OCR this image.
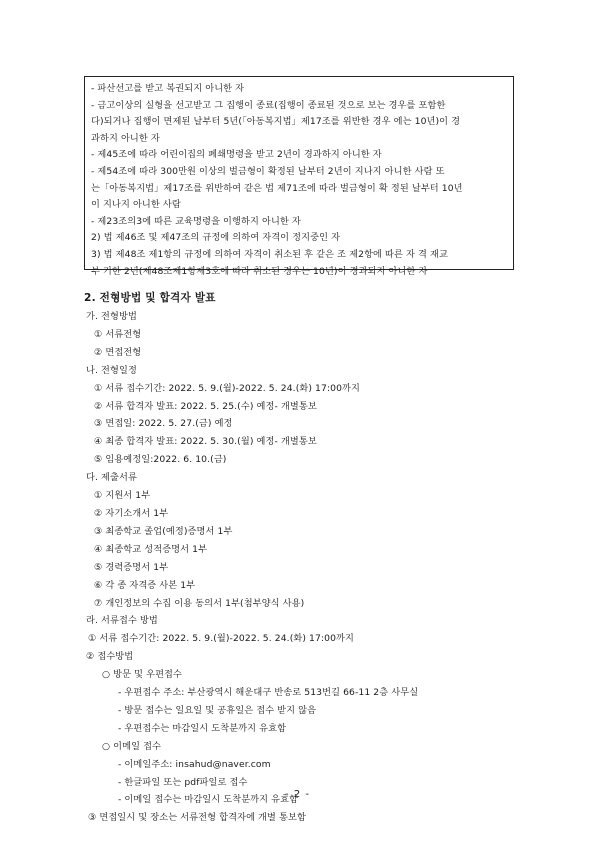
- 파산선고를 받고 복권되지 아니한 자
- 금고이상의 실형을 선고받고 그 집행이 종료(집행이 종료된 것으로 보는 경우를 포함한
다)되거나 집행이 면제된 날부터 5년(「아동복지법」제17조를 위반한 경우 에는 10년)이 경
과하지 아니한 자
- 제45조에 따라 어린이집의 폐쇄명령을 받고 2년이 경과하지 아니한 자
- 제54조에 따라 300만원 이상의 벌금형이 확정된 날부터 2년이 지나지 아니한 사람 또
는「아동복지법」제17조를 위반하여 같은 법 제71조에 따라 벌금형이 확 정된 날부터 10년
이 지나지 아니한 사람
- 제23조의3에 따른 교육명령을 이행하지 아니한 자
2) 법 제46조 및 제47조의 규정에 의하여 자격이 정지중인 자
3) 법 제48조 제1항의 규정에 의하여 자격이 취소된 후 같은 조 제2항에 따른 자 격 재교
부 기한 2년(제48조제1항제3호에 따라 취소된 경우는 10년)이 경과되지 아니한 자
2. 전형방법 및 합격자 발표
가. 전형방법
① 서류전형
② 면접전형
나. 전형일정
① 서류 접수기간: 2022. 5. 9.(월)-2022. 5. 24.(화) 17:00까지
② 서류 합격자 발표: 2022. 5. 25.(수) 예정- 개별통보
③ 면접일: 2022. 5. 27.(금) 예정
④ 최종 합격자 발표: 2022. 5. 30.(월) 예정- 개별통보
⑤ 임용예정일:2022. 6. 10.(금)
다. 제출서류
① 지원서 1부
② 자기소개서 1부
③ 최종학교 졸업(예정)증명서 1부
④ 최종학교 성적증명서 1부
⑤ 경력증명서 1부
⑥ 각 종 자격증 사본 1부
⑦ 개인정보의 수집 이용 동의서 1부(첨부양식 사용)
라. 서류접수 방법
① 서류 접수기간: 2022. 5. 9.(월)-2022. 5. 24.(화) 17:00까지
② 접수방법
○ 방문 및 우편접수
- 우편접수 주소: 부산광역시 해운대구 반송로 513번길 66-11 2층 사무실
- 방문 접수는 일요일 및 공휴일은 접수 받지 않음
- 우편접수는 마감일시 도착분까지 유효함
○ 이메일 접수
- 이메일주소: insahud@naver.com
- 한글파일 또는 pdf파일로 접수
- 이메일 접수는 마감일시 도착분까지 유효함
③ 면접일시 및 장소는 서류전형 합격자에 개별 통보함
- 2 -
